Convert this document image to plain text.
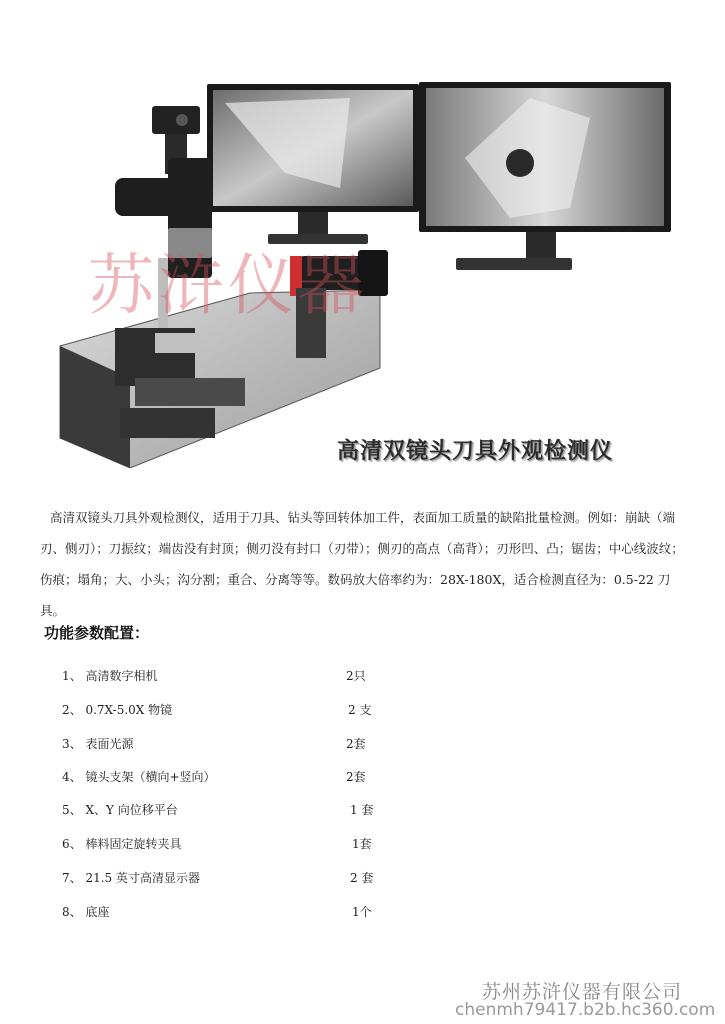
苏浒仪器
高清双镜头刀具外观检测仪
高清双镜头刀具外观检测仪，适用于刀具、钻头等回转体加工件，表面加工质量的缺陷批量检测。例如：崩缺（端刃、侧刃）；刀振纹；端齿没有封顶；侧刃没有封口（刃带）；侧刃的高点（高背）；刃形凹、凸；锯齿；中心线波纹；伤痕；塌角；大、小头；沟分割；重合、分离等等。数码放大倍率约为：28X-180X，适合检测直径为：0.5-22 刀具。
功能参数配置：
1、 高清数字相机	2只
2、 0.7X-5.0X 物镜	2 支
3、 表面光源	2套
4、 镜头支架（横向+竖向）	2套
5、 X、Y 向位移平台	1 套
6、 棒料固定旋转夹具	1套
7、 21.5 英寸高清显示器	2 套
8、 底座	1个
苏州苏浒仪器有限公司
chenmh79417.b2b.hc360.com
